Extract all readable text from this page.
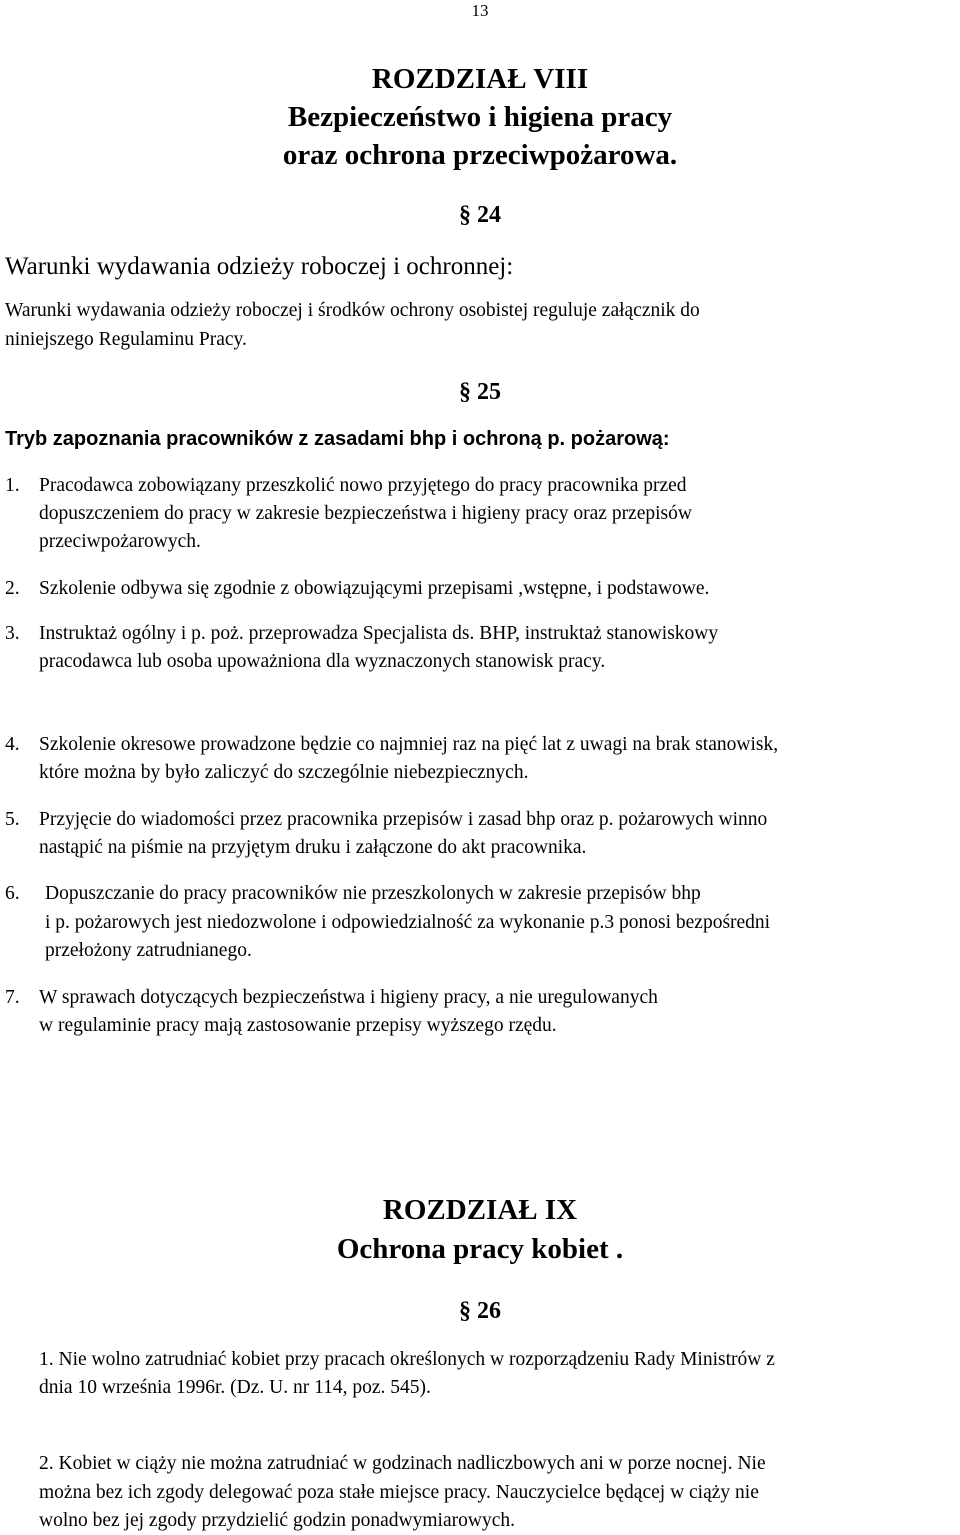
13
ROZDZIAŁ VIII
Bezpieczeństwo i higiena pracy
oraz ochrona przeciwpożarowa.
§ 24
Warunki wydawania odzieży roboczej i ochronnej:
Warunki wydawania odzieży roboczej i środków ochrony osobistej reguluje załącznik do
niniejszego Regulaminu Pracy.
§ 25
Tryb zapoznania pracowników z zasadami bhp i ochroną p. pożarową:
1. Pracodawca zobowiązany przeszkolić nowo przyjętego do pracy pracownika przed
dopuszczeniem do pracy w zakresie bezpieczeństwa i higieny pracy oraz przepisów
przeciwpożarowych.
2. Szkolenie odbywa się zgodnie z obowiązującymi przepisami ,wstępne, i podstawowe.
3. Instruktaż ogólny i p. poż. przeprowadza Specjalista ds. BHP, instruktaż stanowiskowy
pracodawca lub osoba upoważniona dla wyznaczonych stanowisk pracy.
4. Szkolenie okresowe prowadzone będzie co najmniej raz na pięć lat z uwagi na brak stanowisk,
które można by było zaliczyć do szczególnie niebezpiecznych.
5. Przyjęcie do wiadomości przez pracownika przepisów i zasad bhp oraz p. pożarowych winno
nastąpić na piśmie na przyjętym druku i załączone do akt pracownika.
6. Dopuszczanie do pracy pracowników nie przeszkolonych w zakresie przepisów bhp
i p. pożarowych jest niedozwolone i odpowiedzialność za wykonanie p.3 ponosi bezpośredni
przełożony zatrudnianego.
7. W sprawach dotyczących bezpieczeństwa i higieny pracy, a nie uregulowanych
w regulaminie pracy mają zastosowanie przepisy wyższego rzędu.
ROZDZIAŁ IX
Ochrona pracy kobiet .
§ 26
1. Nie wolno zatrudniać kobiet przy pracach określonych w rozporządzeniu Rady Ministrów z
dnia 10 września 1996r. (Dz. U. nr 114, poz. 545).
2. Kobiet w ciąży nie można zatrudniać w godzinach nadliczbowych ani w porze nocnej. Nie
można bez ich zgody delegować poza stałe miejsce pracy. Nauczycielce będącej w ciąży nie
wolno bez jej zgody przydzielić godzin ponadwymiarowych.
